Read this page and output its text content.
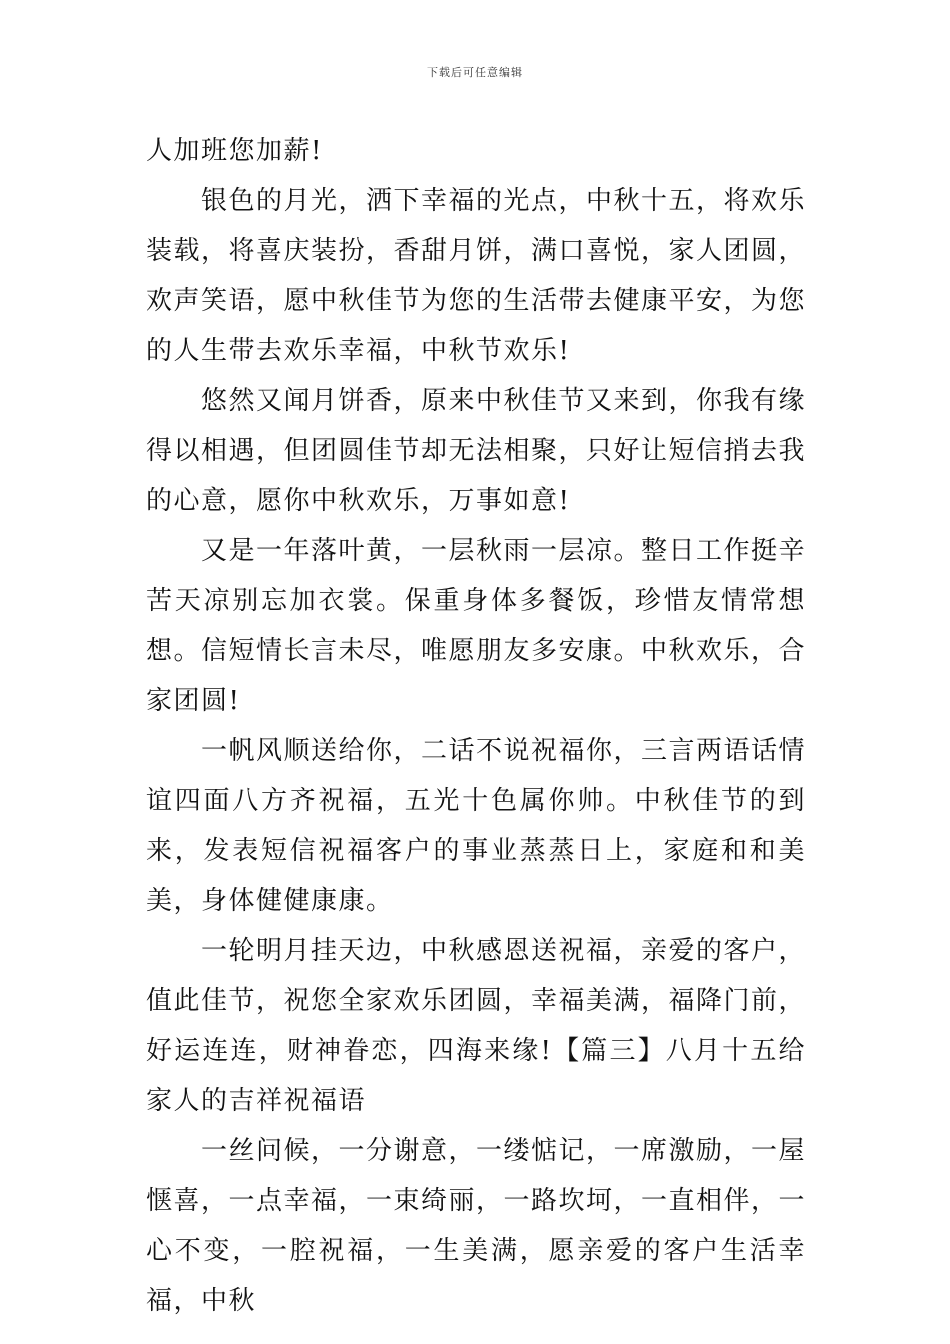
下载后可任意编辑

人加班您加薪!

银色的月光，洒下幸福的光点，中秋十五，将欢乐装载，将喜庆装扮，香甜月饼，满口喜悦，家人团圆，欢声笑语，愿中秋佳节为您的生活带去健康平安，为您的人生带去欢乐幸福，中秋节欢乐!

悠然又闻月饼香，原来中秋佳节又来到，你我有缘得以相遇，但团圆佳节却无法相聚，只好让短信捎去我的心意，愿你中秋欢乐，万事如意!

又是一年落叶黄，一层秋雨一层凉。整日工作挺辛苦天凉别忘加衣裳。保重身体多餐饭，珍惜友情常想想。信短情长言未尽，唯愿朋友多安康。中秋欢乐，合家团圆!

一帆风顺送给你，二话不说祝福你，三言两语话情谊四面八方齐祝福，五光十色属你帅。中秋佳节的到来，发表短信祝福客户的事业蒸蒸日上，家庭和和美美，身体健健康康。

一轮明月挂天边，中秋感恩送祝福，亲爱的客户，值此佳节，祝您全家欢乐团圆，幸福美满，福降门前，好运连连，财神眷恋，四海来缘!【篇三】八月十五给家人的吉祥祝福语

一丝问候，一分谢意，一缕惦记，一席激励，一屋惬喜，一点幸福，一束绮丽，一路坎坷，一直相伴，一心不变，一腔祝福，一生美满，愿亲爱的客户生活幸福，中秋
